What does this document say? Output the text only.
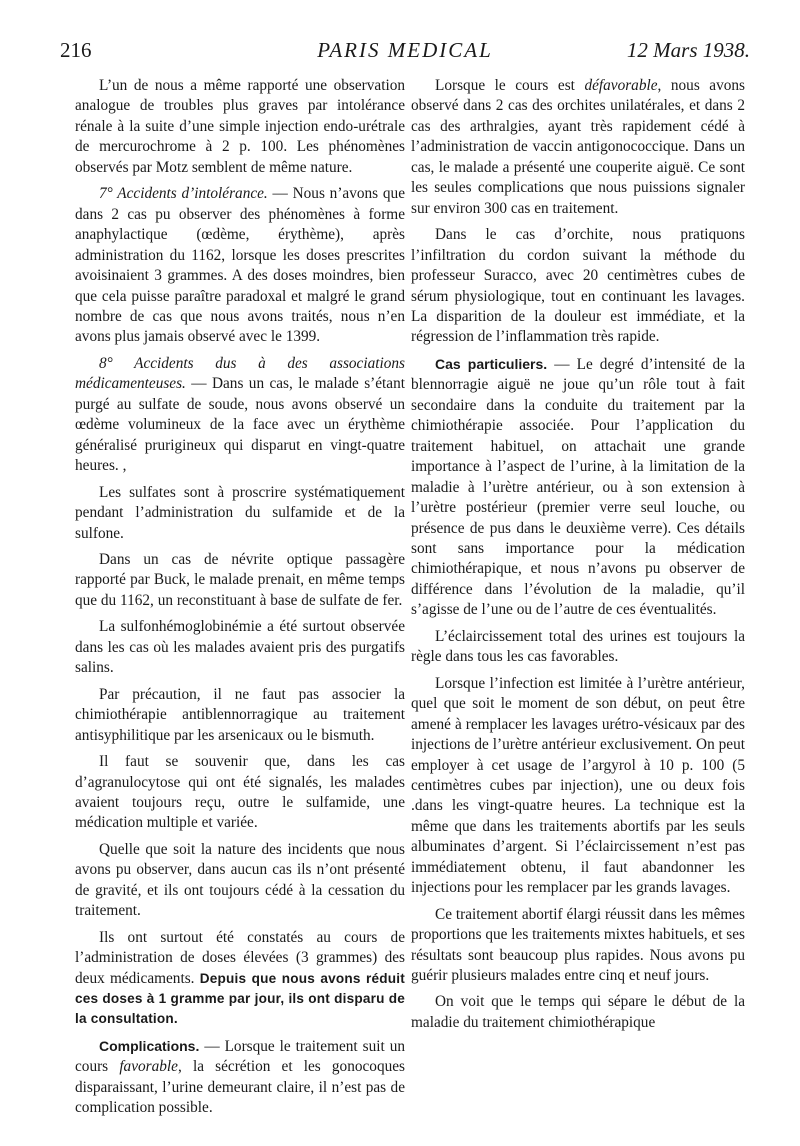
216	PARIS MEDICAL	12 Mars 1938.

L’un de nous a même rapporté une observation analogue de troubles plus graves par intolérance rénale à la suite d’une simple injection endo-urétrale de mercurochrome à 2 p. 100. Les phénomènes observés par Motz semblent de même nature.

7° Accidents d’intolérance. — Nous n’avons que dans 2 cas pu observer des phénomènes à forme anaphylactique (œdème, érythème), après administration du 1162, lorsque les doses prescrites avoisinaient 3 grammes. A des doses moindres, bien que cela puisse paraître paradoxal et malgré le grand nombre de cas que nous avons traités, nous n’en avons plus jamais observé avec le 1399.

8° Accidents dus à des associations médicamenteuses. — Dans un cas, le malade s’étant purgé au sulfate de soude, nous avons observé un œdème volumineux de la face avec un érythème généralisé prurigineux qui disparut en vingt-quatre heures. ,

Les sulfates sont à proscrire systématiquement pendant l’administration du sulfamide et de la sulfone.

Dans un cas de névrite optique passagère rapporté par Buck, le malade prenait, en même temps que du 1162, un reconstituant à base de sulfate de fer.

La sulfonhémoglobinémie a été surtout observée dans les cas où les malades avaient pris des purgatifs salins.

Par précaution, il ne faut pas associer la chimiothérapie antiblennorragique au traitement antisyphilitique par les arsenicaux ou le bismuth.

Il faut se souvenir que, dans les cas d’agranulocytose qui ont été signalés, les malades avaient toujours reçu, outre le sulfamide, une médication multiple et variée.

Quelle que soit la nature des incidents que nous avons pu observer, dans aucun cas ils n’ont présenté de gravité, et ils ont toujours cédé à la cessation du traitement.

Ils ont surtout été constatés au cours de l’administration de doses élevées (3 grammes) des deux médicaments. Depuis que nous avons réduit ces doses à 1 gramme par jour, ils ont disparu de la consultation.

Complications. — Lorsque le traitement suit un cours favorable, la sécrétion et les gonocoques disparaissant, l’urine demeurant claire, il n’est pas de complication possible.

Lorsque le cours est défavorable, nous avons observé dans 2 cas des orchites unilatérales, et dans 2 cas des arthralgies, ayant très rapidement cédé à l’administration de vaccin antigonococcique. Dans un cas, le malade a présenté une couperite aiguë. Ce sont les seules complications que nous puissions signaler sur environ 300 cas en traitement.

Dans le cas d’orchite, nous pratiquons l’infiltration du cordon suivant la méthode du professeur Suracco, avec 20 centimètres cubes de sérum physiologique, tout en continuant les lavages. La disparition de la douleur est immédiate, et la régression de l’inflammation très rapide.

Cas particuliers. — Le degré d’intensité de la blennorragie aiguë ne joue qu’un rôle tout à fait secondaire dans la conduite du traitement par la chimiothérapie associée. Pour l’application du traitement habituel, on attachait une grande importance à l’aspect de l’urine, à la limitation de la maladie à l’urètre antérieur, ou à son extension à l’urètre postérieur (premier verre seul louche, ou présence de pus dans le deuxième verre). Ces détails sont sans importance pour la médication chimiothérapique, et nous n’avons pu observer de différence dans l’évolution de la maladie, qu’il s’agisse de l’une ou de l’autre de ces éventualités.

L’éclaircissement total des urines est toujours la règle dans tous les cas favorables.

Lorsque l’infection est limitée à l’urètre antérieur, quel que soit le moment de son début, on peut être amené à remplacer les lavages urétro-vésicaux par des injections de l’urètre antérieur exclusivement. On peut employer à cet usage de l’argyrol à 10 p. 100 (5 centimètres cubes par injection), une ou deux fois .dans les vingt-quatre heures. La technique est la même que dans les traitements abortifs par les seuls albuminates d’argent. Si l’éclaircissement n’est pas immédiatement obtenu, il faut abandonner les injections pour les remplacer par les grands lavages.

Ce traitement abortif élargi réussit dans les mêmes proportions que les traitements mixtes habituels, et ses résultats sont beaucoup plus rapides. Nous avons pu guérir plusieurs malades entre cinq et neuf jours.

On voit que le temps qui sépare le début de la maladie du traitement chimiothérapique
